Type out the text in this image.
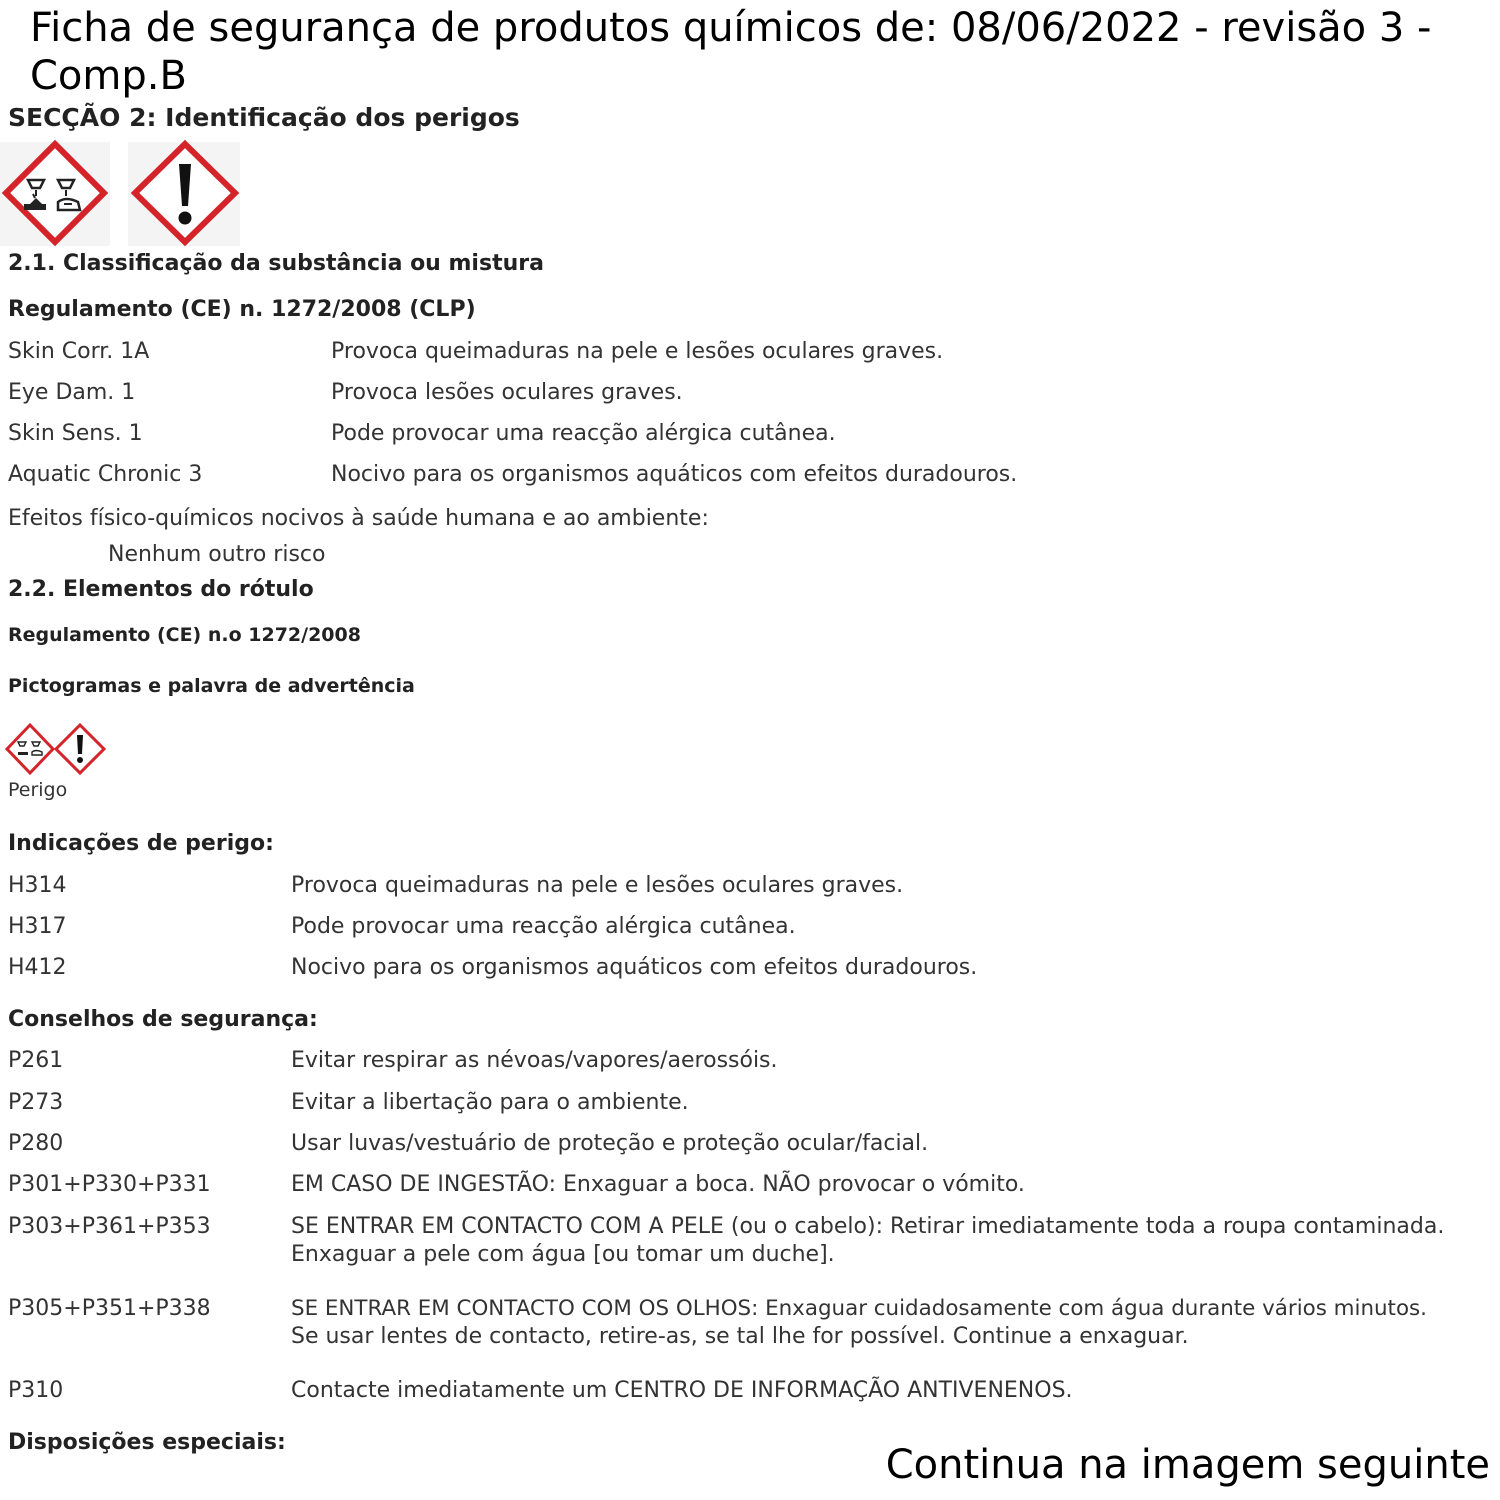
Ficha de segurança de produtos químicos de: 08/06/2022 - revisão 3 - Comp.B
SECÇÃO 2: Identificação dos perigos
2.1. Classificação da substância ou mistura
Regulamento (CE) n. 1272/2008 (CLP)
Skin Corr. 1A	Provoca queimaduras na pele e lesões oculares graves.
Eye Dam. 1	Provoca lesões oculares graves.
Skin Sens. 1	Pode provocar uma reacção alérgica cutânea.
Aquatic Chronic 3	Nocivo para os organismos aquáticos com efeitos duradouros.
Efeitos físico-químicos nocivos à saúde humana e ao ambiente:
Nenhum outro risco
2.2. Elementos do rótulo
Regulamento (CE) n.o 1272/2008
Pictogramas e palavra de advertência
Perigo
Indicações de perigo:
H314	Provoca queimaduras na pele e lesões oculares graves.
H317	Pode provocar uma reacção alérgica cutânea.
H412	Nocivo para os organismos aquáticos com efeitos duradouros.
Conselhos de segurança:
P261	Evitar respirar as névoas/vapores/aerossóis.
P273	Evitar a libertação para o ambiente.
P280	Usar luvas/vestuário de proteção e proteção ocular/facial.
P301+P330+P331	EM CASO DE INGESTÃO: Enxaguar a boca. NÃO provocar o vómito.
P303+P361+P353	SE ENTRAR EM CONTACTO COM A PELE (ou o cabelo): Retirar imediatamente toda a roupa contaminada.
Enxaguar a pele com água [ou tomar um duche].
P305+P351+P338	SE ENTRAR EM CONTACTO COM OS OLHOS: Enxaguar cuidadosamente com água durante vários minutos.
Se usar lentes de contacto, retire-as, se tal lhe for possível. Continue a enxaguar.
P310	Contacte imediatamente um CENTRO DE INFORMAÇÃO ANTIVENENOS.
Disposições especiais:	Continua na imagem seguinte
